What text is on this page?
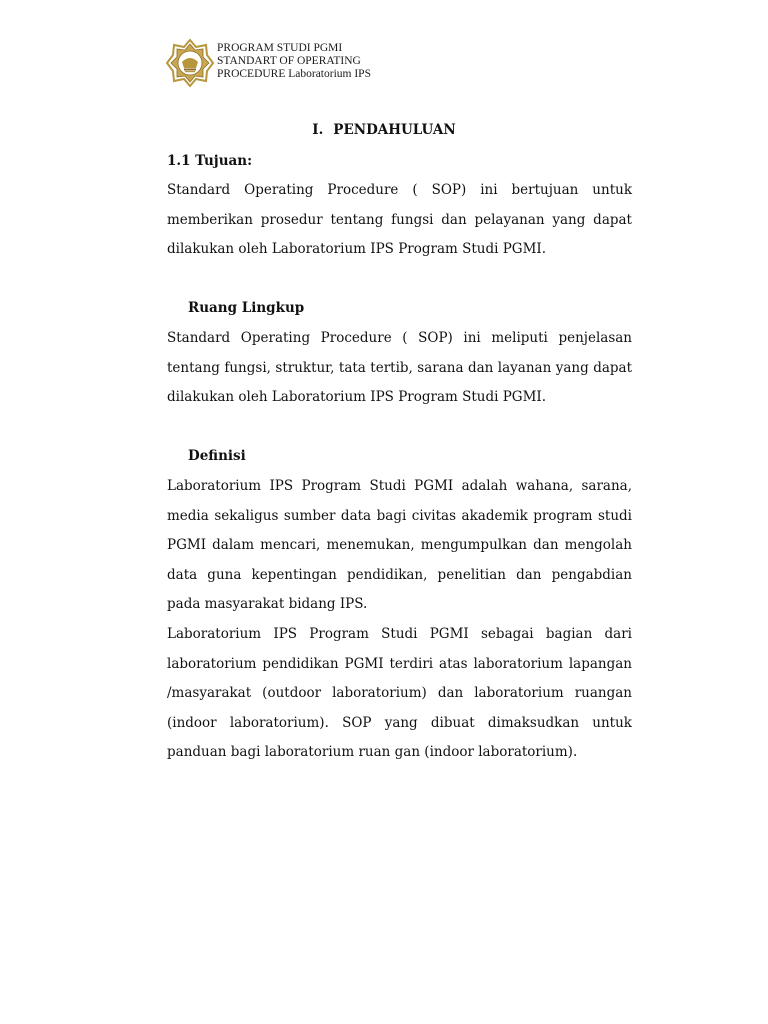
PROGRAM STUDI PGMI
STANDART OF OPERATING
PROCEDURE Laboratorium IPS
I. PENDAHULUAN
1.1 Tujuan:

Standard Operating Procedure ( SOP) ini bertujuan untuk memberikan prosedur tentang fungsi dan pelayanan yang dapat dilakukan oleh Laboratorium IPS Program Studi PGMI.

Ruang Lingkup

Standard Operating Procedure ( SOP) ini meliputi penjelasan tentang fungsi, struktur, tata tertib, sarana dan layanan yang dapat dilakukan oleh Laboratorium IPS Program Studi PGMI.

Definisi

Laboratorium IPS Program Studi PGMI adalah wahana, sarana, media sekaligus sumber data bagi civitas akademik program studi PGMI dalam mencari, menemukan, mengumpulkan dan mengolah data guna kepentingan pendidikan, penelitian dan pengabdian pada masyarakat bidang IPS.

Laboratorium IPS Program Studi PGMI sebagai bagian dari laboratorium pendidikan PGMI terdiri atas laboratorium lapangan /masyarakat (outdoor laboratorium) dan laboratorium ruangan (indoor laboratorium). SOP yang dibuat dimaksudkan untuk panduan bagi laboratorium ruan gan (indoor laboratorium).
